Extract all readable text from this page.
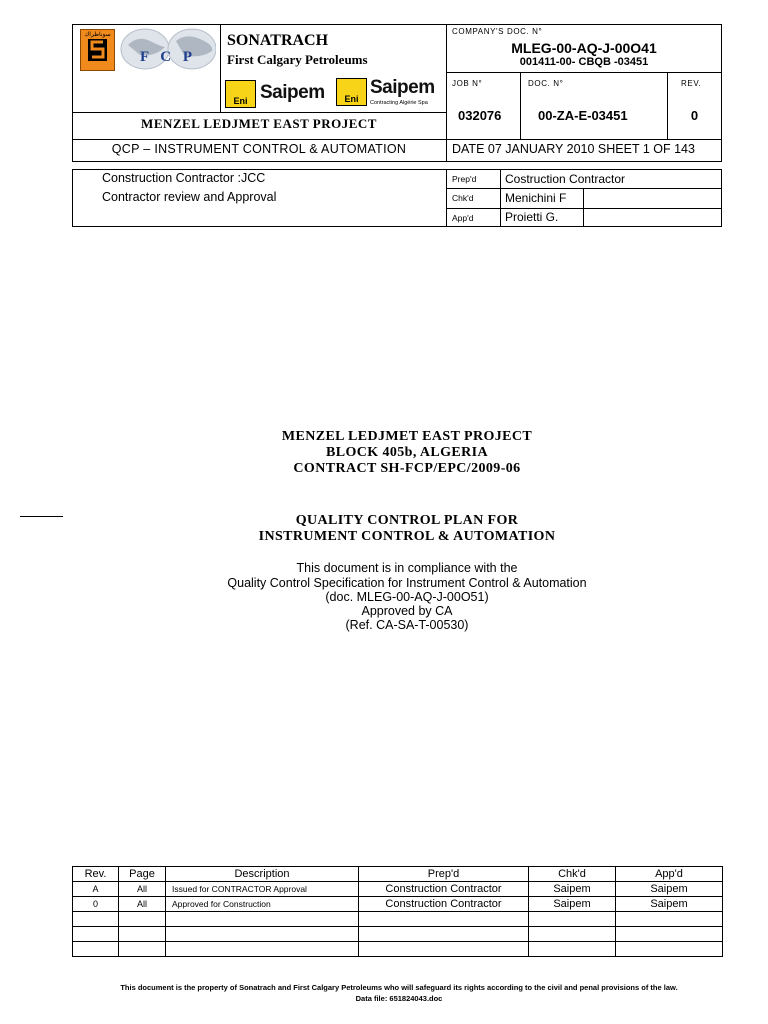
سوناطراك
F C P
SONATRACH
First Calgary Petroleums
Eni Saipem	Eni
Saipem
Contracting Algérie Spa
MENZEL LEDJMET EAST PROJECT
QCP – INSTRUMENT CONTROL & AUTOMATION
COMPANY'S DOC. N°
MLEG-00-AQ-J-00O41
001411-00- CBQB -03451
JOB N°
032076
DOC. N°
00-ZA-E-03451
REV.
0
DATE 07 JANUARY 2010 SHEET 1 OF 143
Construction Contractor :JCC
Contractor review and Approval
Prep'd Costruction Contractor
Chk'd	Menichini F
App'd	Proietti G.
MENZEL LEDJMET EAST PROJECT
BLOCK 405b, ALGERIA
CONTRACT SH-FCP/EPC/2009-06
QUALITY CONTROL PLAN FOR
INSTRUMENT CONTROL & AUTOMATION
This document is in compliance with the
Quality Control Specification for Instrument Control & Automation
(doc. MLEG-00-AQ-J-00O51)
Approved by CA
(Ref. CA-SA-T-00530)
Rev.	Page	Description	Prep'd	Chk'd	App'd
A	All	Issued for CONTRACTOR Approval	Construction Contractor	Saipem	Saipem
0	All	Approved for Construction	Construction Contractor	Saipem	Saipem

This document is the property of Sonatrach and First Calgary Petroleums who will safeguard its rights according to the civil and penal provisions of the law.
Data file: 651824043.doc
